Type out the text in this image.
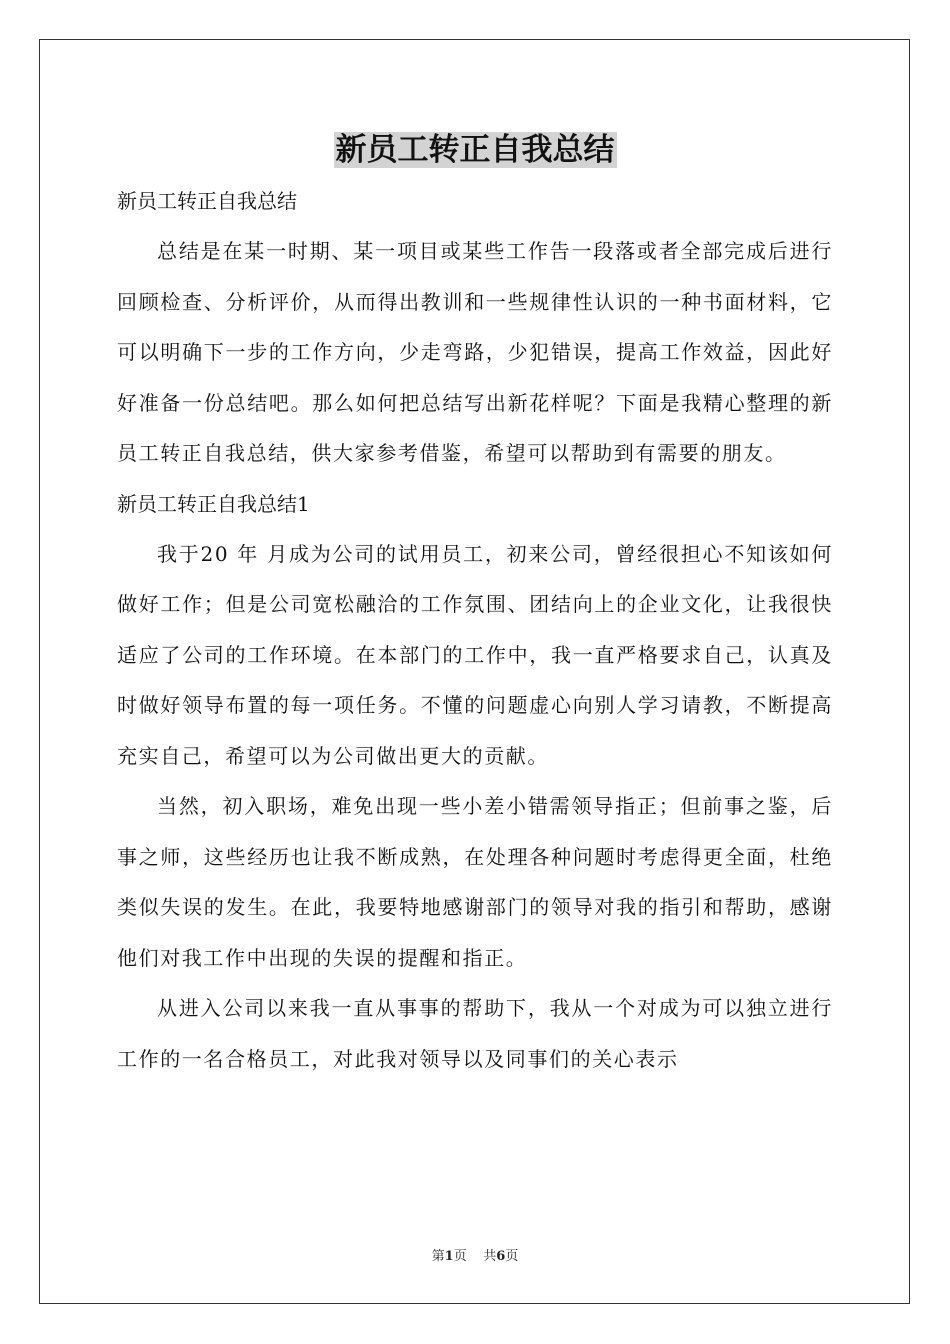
新员工转正自我总结

新员工转正自我总结

总结是在某一时期、某一项目或某些工作告一段落或者全部完成后进行回顾检查、分析评价，从而得出教训和一些规律性认识的一种书面材料，它可以明确下一步的工作方向，少走弯路，少犯错误，提高工作效益，因此好好准备一份总结吧。那么如何把总结写出新花样呢？下面是我精心整理的新员工转正自我总结，供大家参考借鉴，希望可以帮助到有需要的朋友。

新员工转正自我总结1

我于20 年 月成为公司的试用员工，初来公司，曾经很担心不知该如何做好工作；但是公司宽松融洽的工作氛围、团结向上的企业文化，让我很快适应了公司的工作环境。在本部门的工作中，我一直严格要求自己，认真及时做好领导布置的每一项任务。不懂的问题虚心向别人学习请教，不断提高充实自己，希望可以为公司做出更大的贡献。

当然，初入职场，难免出现一些小差小错需领导指正；但前事之鉴，后事之师，这些经历也让我不断成熟，在处理各种问题时考虑得更全面，杜绝类似失误的发生。在此，我要特地感谢部门的领导对我的指引和帮助，感谢他们对我工作中出现的失误的提醒和指正。

从进入公司以来我一直从事事的帮助下，我从一个对成为可以独立进行 工作的一名合格员工，对此我对领导以及同事们的关心表示

第1页 共6页
